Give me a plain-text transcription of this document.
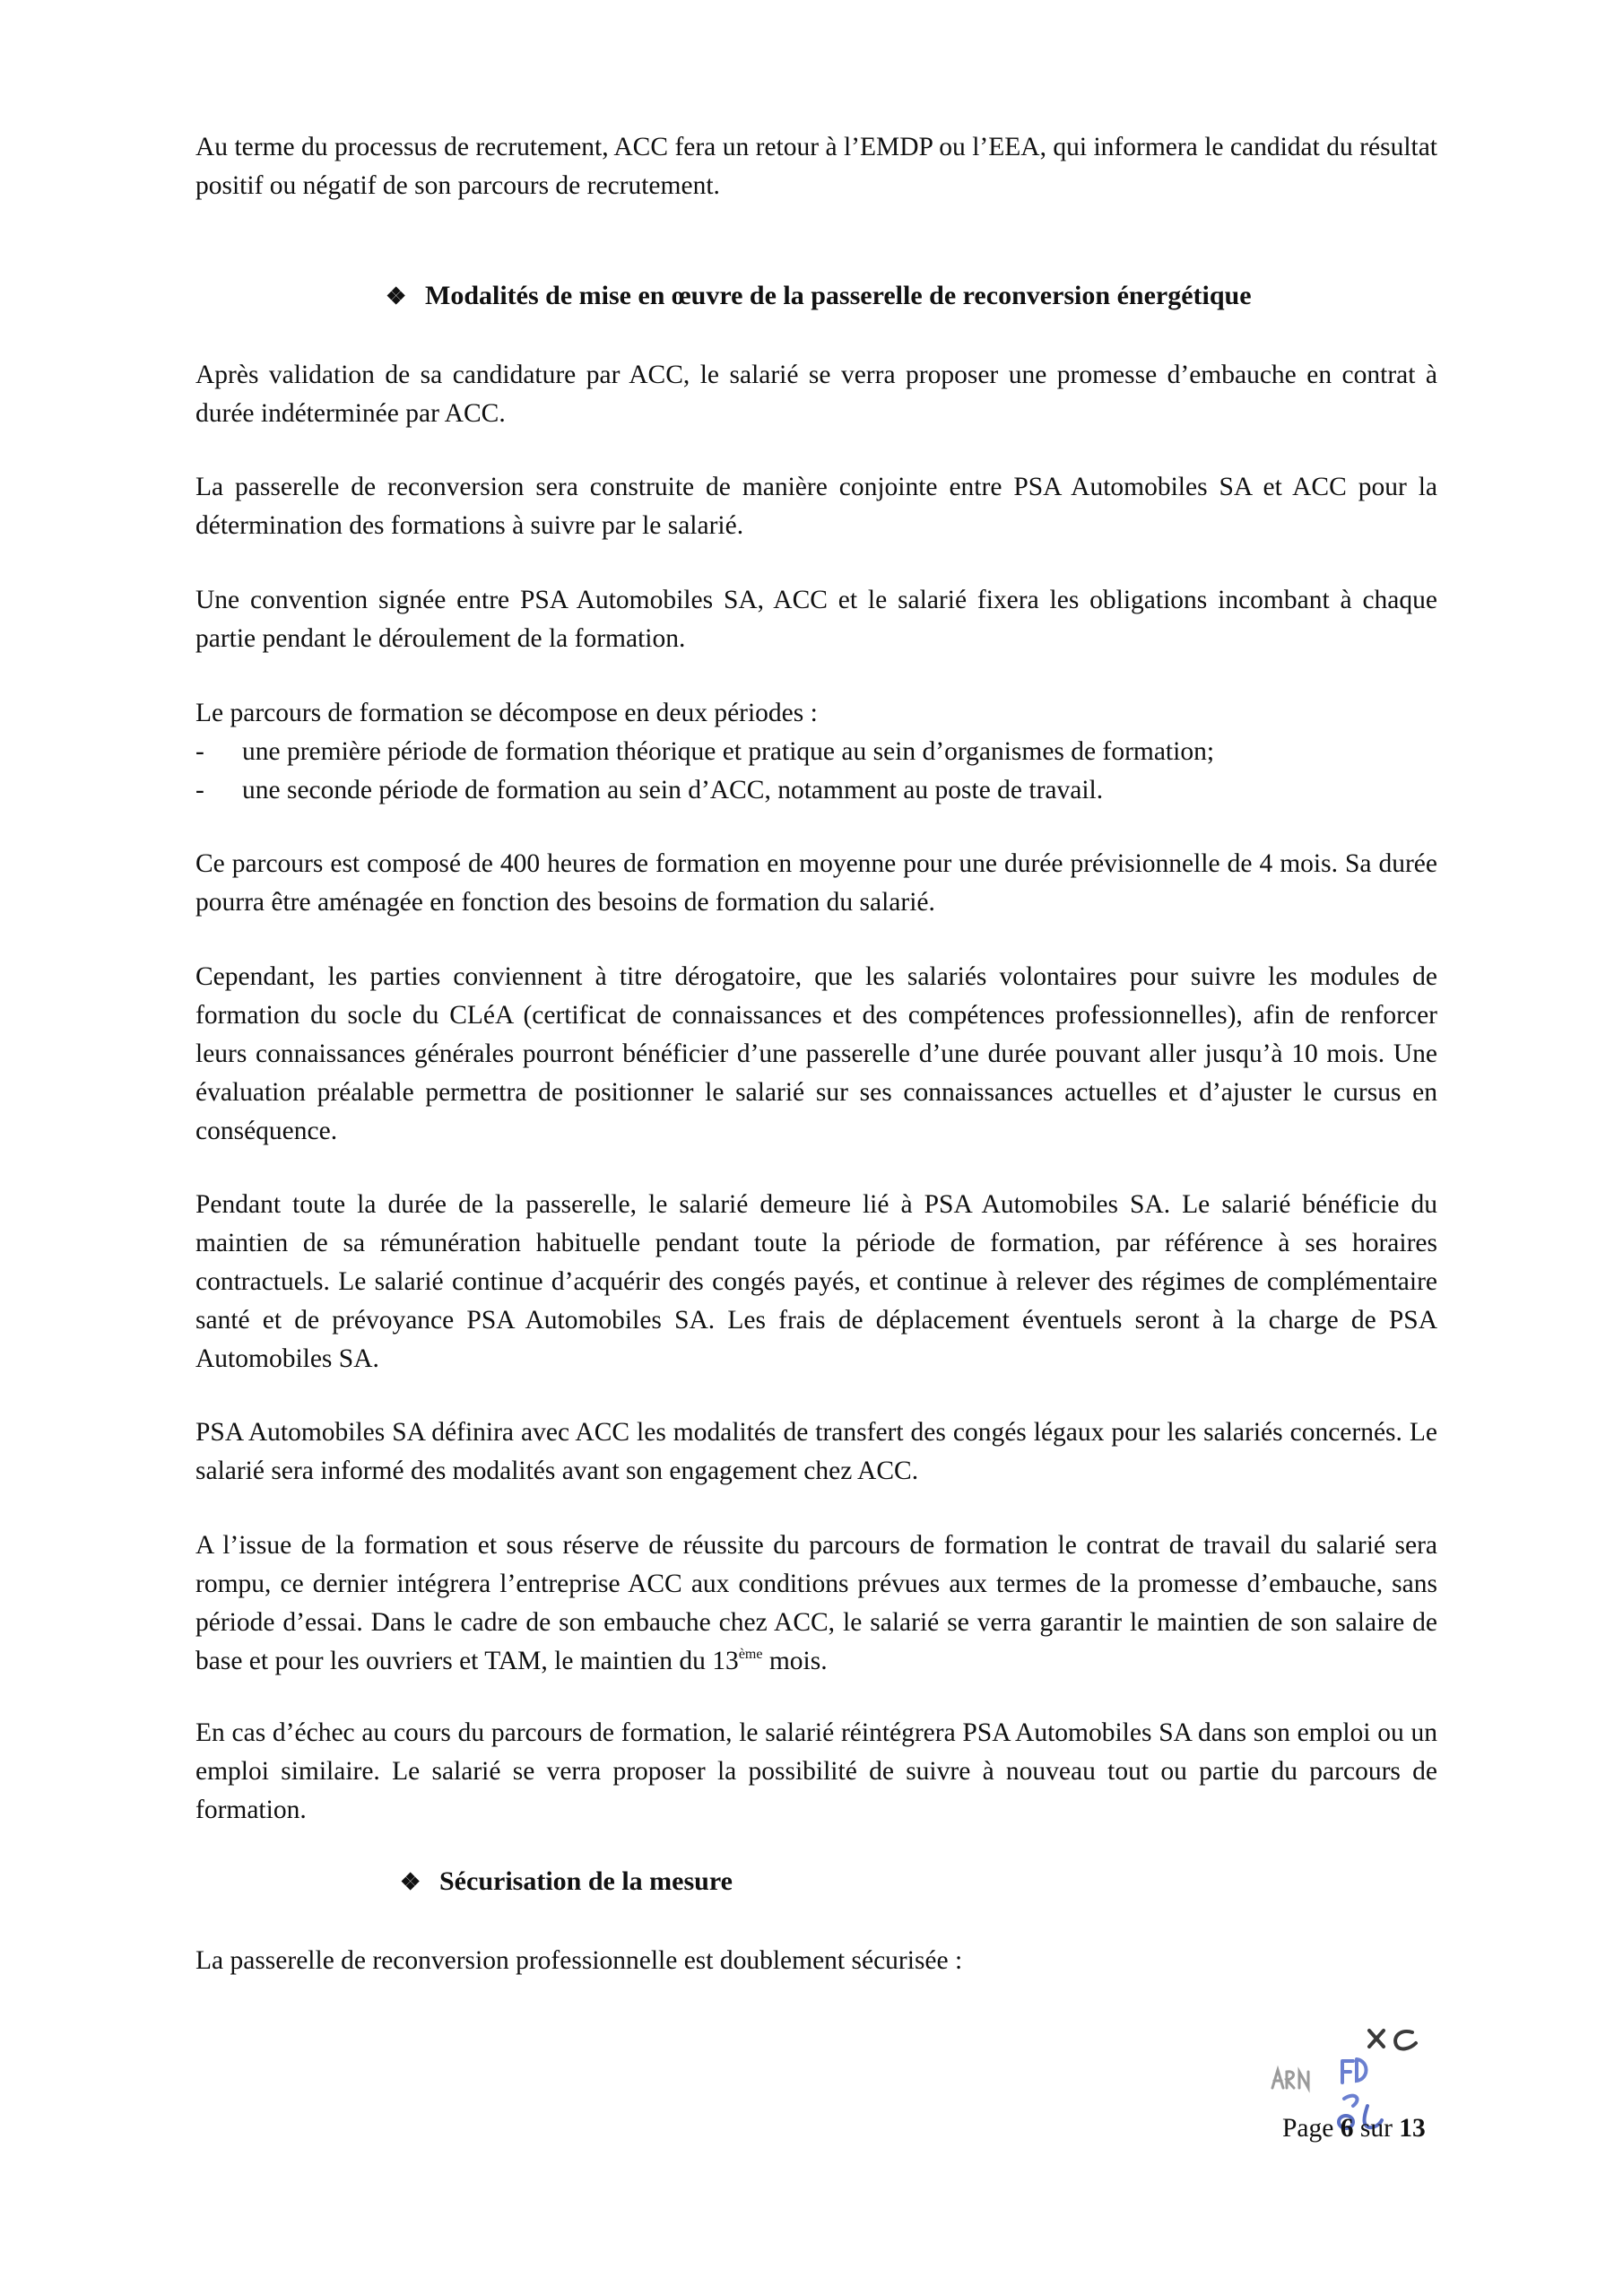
Au terme du processus de recrutement, ACC fera un retour à l’EMDP ou l’EEA, qui informera le candidat du résultat positif ou négatif de son parcours de recrutement.
❖ Modalités de mise en œuvre de la passerelle de reconversion énergétique
Après validation de sa candidature par ACC, le salarié se verra proposer une promesse d’embauche en contrat à durée indéterminée par ACC.
La passerelle de reconversion sera construite de manière conjointe entre PSA Automobiles SA et ACC pour la détermination des formations à suivre par le salarié.
Une convention signée entre PSA Automobiles SA, ACC et le salarié fixera les obligations incombant à chaque partie pendant le déroulement de la formation.
Le parcours de formation se décompose en deux périodes :
- une première période de formation théorique et pratique au sein d’organismes de formation;
- une seconde période de formation au sein d’ACC, notamment au poste de travail.
Ce parcours est composé de 400 heures de formation en moyenne pour une durée prévisionnelle de 4 mois. Sa durée pourra être aménagée en fonction des besoins de formation du salarié.
Cependant, les parties conviennent à titre dérogatoire, que les salariés volontaires pour suivre les modules de formation du socle du CLéA (certificat de connaissances et des compétences professionnelles), afin de renforcer leurs connaissances générales pourront bénéficier d’une passerelle d’une durée pouvant aller jusqu’à 10 mois. Une évaluation préalable permettra de positionner le salarié sur ses connaissances actuelles et d’ajuster le cursus en conséquence.
Pendant toute la durée de la passerelle, le salarié demeure lié à PSA Automobiles SA. Le salarié bénéficie du maintien de sa rémunération habituelle pendant toute la période de formation, par référence à ses horaires contractuels. Le salarié continue d’acquérir des congés payés, et continue à relever des régimes de complémentaire santé et de prévoyance PSA Automobiles SA. Les frais de déplacement éventuels seront à la charge de PSA Automobiles SA.
PSA Automobiles SA définira avec ACC les modalités de transfert des congés légaux pour les salariés concernés. Le salarié sera informé des modalités avant son engagement chez ACC.
A l’issue de la formation et sous réserve de réussite du parcours de formation le contrat de travail du salarié sera rompu, ce dernier intégrera l’entreprise ACC aux conditions prévues aux termes de la promesse d’embauche, sans période d’essai. Dans le cadre de son embauche chez ACC, le salarié se verra garantir le maintien de son salaire de base et pour les ouvriers et TAM, le maintien du 13ème mois.
En cas d’échec au cours du parcours de formation, le salarié réintégrera PSA Automobiles SA dans son emploi ou un emploi similaire. Le salarié se verra proposer la possibilité de suivre à nouveau tout ou partie du parcours de formation.
❖ Sécurisation de la mesure
La passerelle de reconversion professionnelle est doublement sécurisée :
Page 6 sur 13
